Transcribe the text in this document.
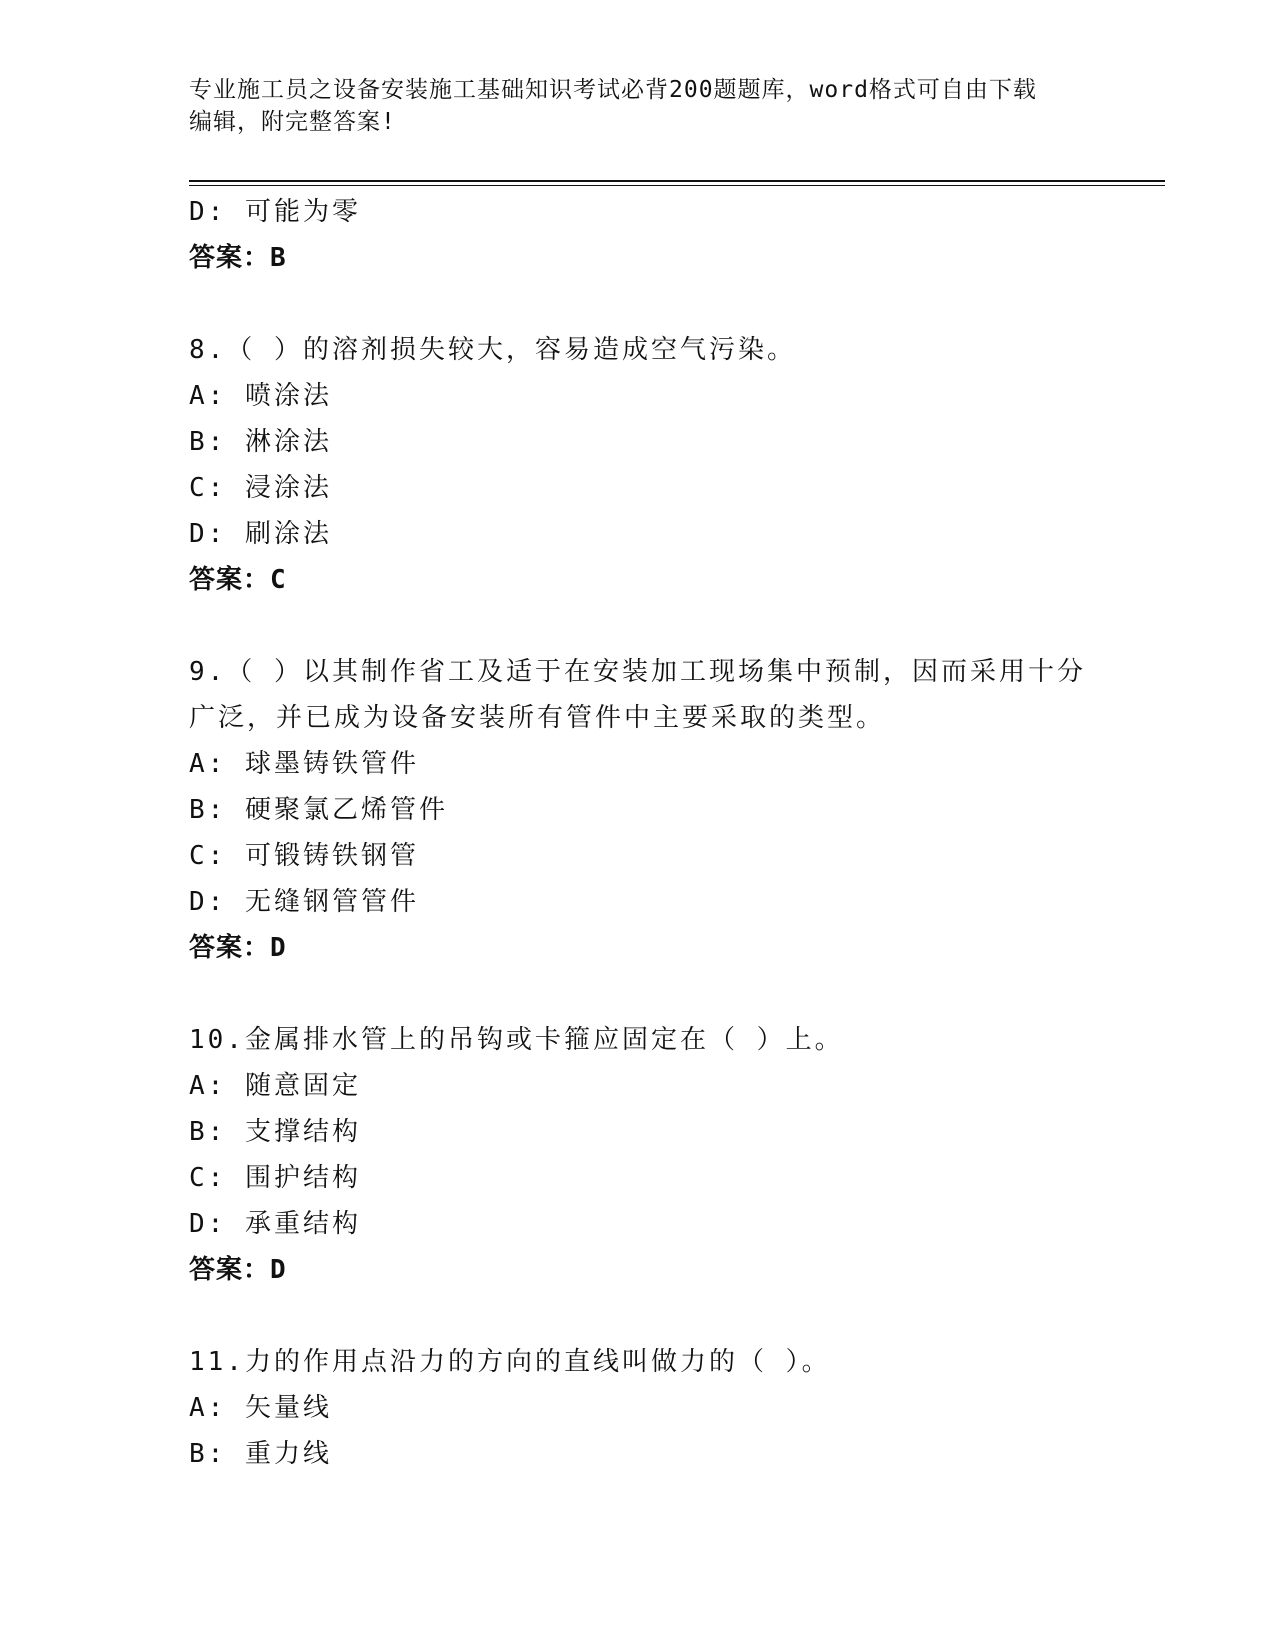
专业施工员之设备安装施工基础知识考试必背200题题库，word格式可自由下载
编辑，附完整答案!
D: 可能为零
答案：B
8.（ ）的溶剂损失较大，容易造成空气污染。
A: 喷涂法
B: 淋涂法
C: 浸涂法
D: 刷涂法
答案：C
9.（ ）以其制作省工及适于在安装加工现场集中预制，因而采用十分
广泛，并已成为设备安装所有管件中主要采取的类型。
A: 球墨铸铁管件
B: 硬聚氯乙烯管件
C: 可锻铸铁钢管
D: 无缝钢管管件
答案：D
10.金属排水管上的吊钩或卡箍应固定在（ ）上。
A: 随意固定
B: 支撑结构
C: 围护结构
D: 承重结构
答案：D
11.力的作用点沿力的方向的直线叫做力的（ ）。
A: 矢量线
B: 重力线
